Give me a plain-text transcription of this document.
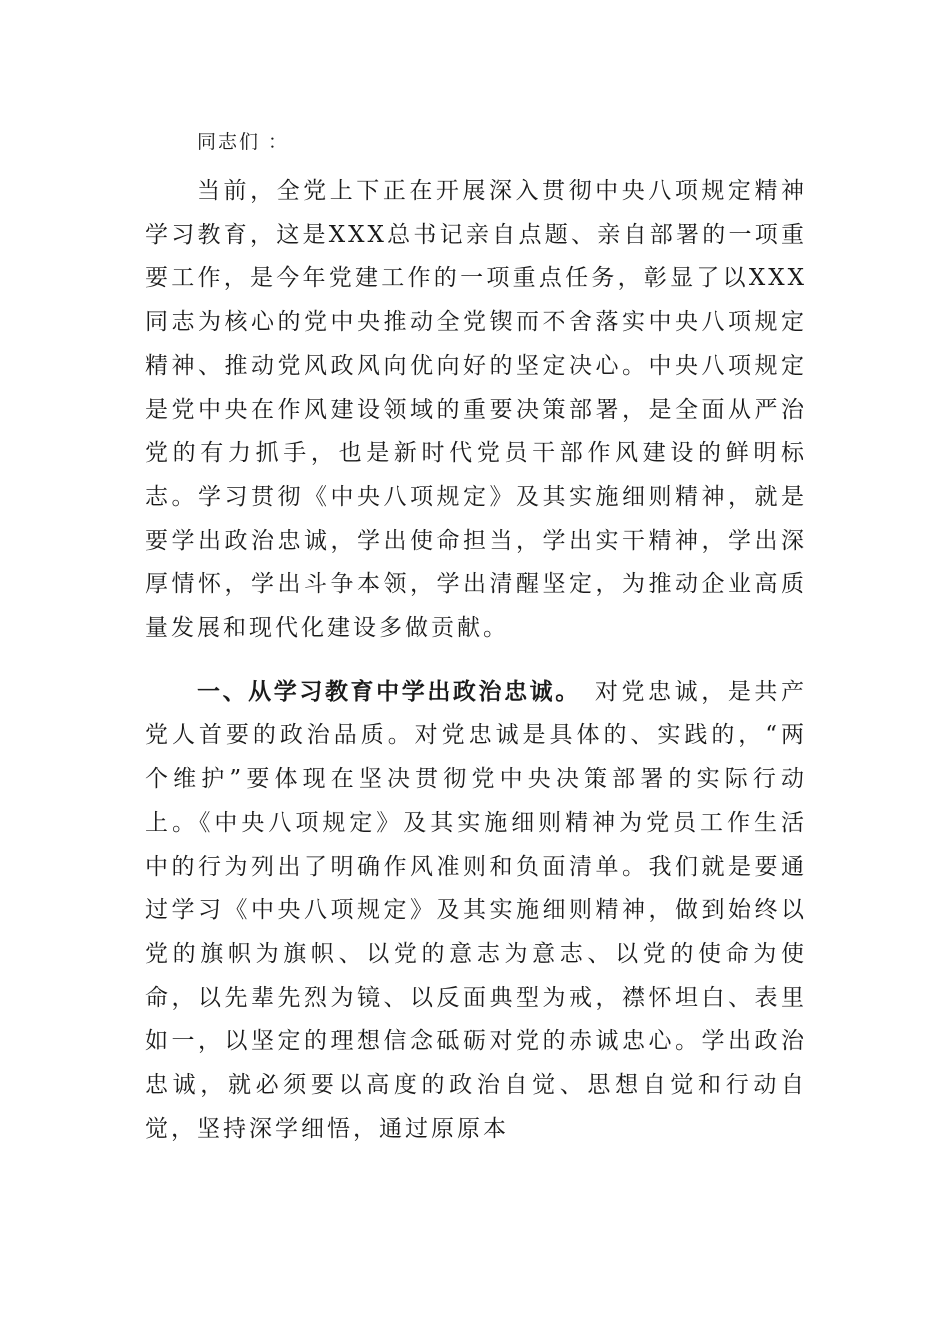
同志们 ：

当前，全党上下正在开展深入贯彻中央八项规定精神学习教育，这是XXX总书记亲自点题、亲自部署的一项重要工作，是今年党建工作的一项重点任务，彰显了以XXX同志为核心的党中央推动全党锲而不舍落实中央八项规定精神、推动党风政风向优向好的坚定决心。中央八项规定是党中央在作风建设领域的重要决策部署，是全面从严治党的有力抓手，也是新时代党员干部作风建设的鲜明标志。学习贯彻《中央八项规定》及其实施细则精神，就是要学出政治忠诚，学出使命担当，学出实干精神，学出深厚情怀，学出斗争本领，学出清醒坚定，为推动企业高质量发展和现代化建设多做贡献。

一、从学习教育中学出政治忠诚。 对党忠诚，是共产党人首要的政治品质。对党忠诚是具体的、实践的，“两个维护”要体现在坚决贯彻党中央决策部署的实际行动上。《中央八项规定》及其实施细则精神为党员工作生活中的行为列出了明确作风准则和负面清单。我们就是要通过学习《中央八项规定》及其实施细则精神，做到始终以党的旗帜为旗帜、以党的意志为意志、以党的使命为使命，以先辈先烈为镜、以反面典型为戒，襟怀坦白、表里如一，以坚定的理想信念砥砺对党的赤诚忠心。学出政治忠诚，就必须要以高度的政治自觉、思想自觉和行动自觉，坚持深学细悟，通过原原本
